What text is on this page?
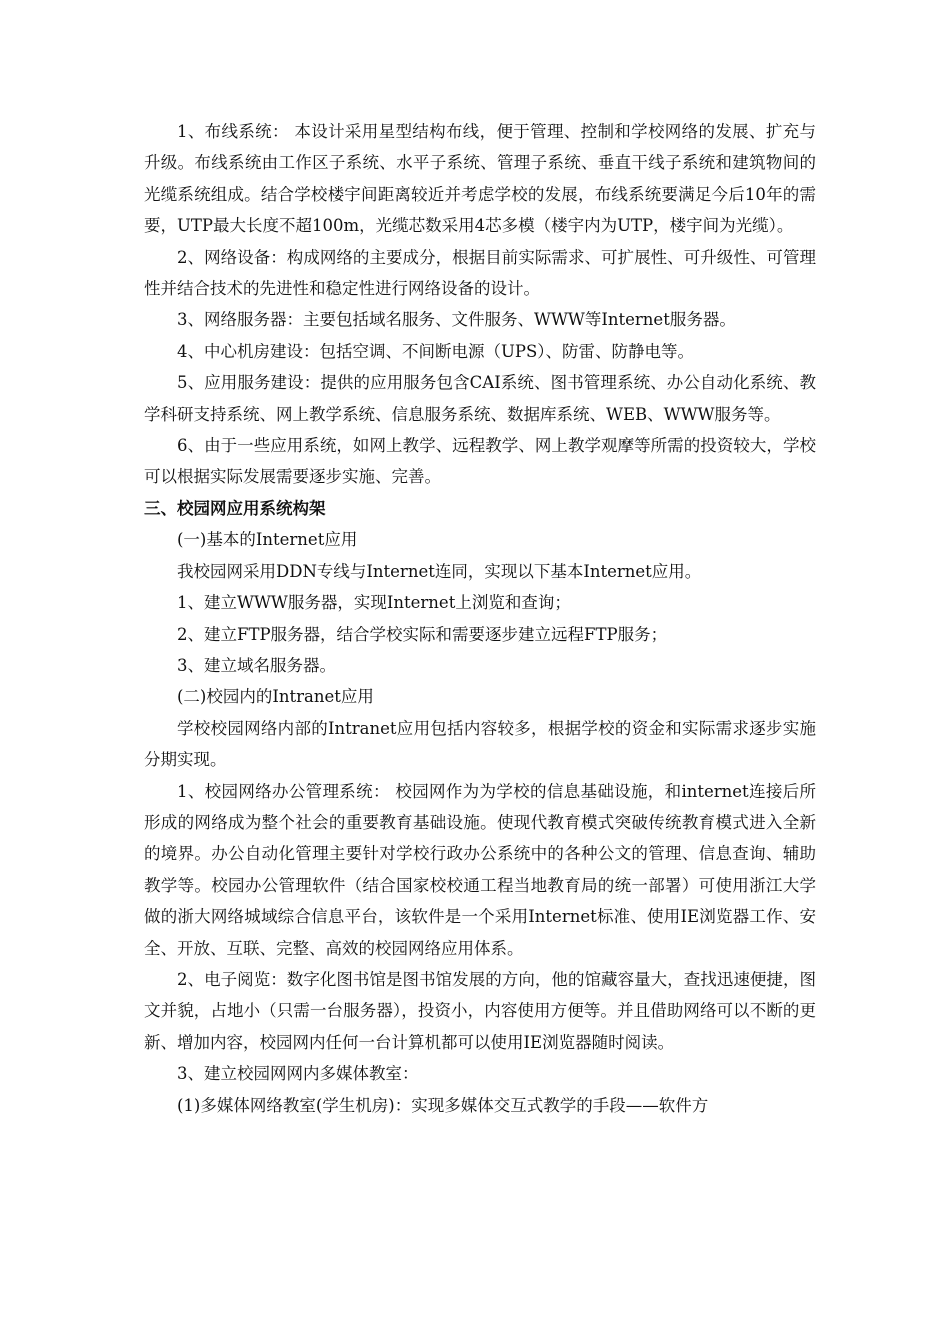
1、布线系统： 本设计采用星型结构布线，便于管理、控制和学校网络的发展、扩充与升级。布线系统由工作区子系统、水平子系统、管理子系统、垂直干线子系统和建筑物间的光缆系统组成。结合学校楼宇间距离较近并考虑学校的发展，布线系统要满足今后10年的需要，UTP最大长度不超100m，光缆芯数采用4芯多模（楼宇内为UTP，楼宇间为光缆）。

2、网络设备：构成网络的主要成分，根据目前实际需求、可扩展性、可升级性、可管理性并结合技术的先进性和稳定性进行网络设备的设计。

3、网络服务器：主要包括域名服务、文件服务、WWW等Internet服务器。

4、中心机房建设：包括空调、不间断电源（UPS）、防雷、防静电等。

5、应用服务建设：提供的应用服务包含CAI系统、图书管理系统、办公自动化系统、教学科研支持系统、网上教学系统、信息服务系统、数据库系统、WEB、WWW服务等。

6、由于一些应用系统，如网上教学、远程教学、网上教学观摩等所需的投资较大，学校可以根据实际发展需要逐步实施、完善。

三、校园网应用系统构架

(一)基本的Internet应用

我校园网采用DDN专线与Internet连同，实现以下基本Internet应用。

1、建立WWW服务器，实现Internet上浏览和查询；

2、建立FTP服务器，结合学校实际和需要逐步建立远程FTP服务；

3、建立域名服务器。

(二)校园内的Intranet应用

学校校园网络内部的Intranet应用包括内容较多，根据学校的资金和实际需求逐步实施分期实现。

1、校园网络办公管理系统： 校园网作为为学校的信息基础设施，和internet连接后所形成的网络成为整个社会的重要教育基础设施。使现代教育模式突破传统教育模式进入全新的境界。办公自动化管理主要针对学校行政办公系统中的各种公文的管理、信息查询、辅助教学等。校园办公管理软件（结合国家校校通工程当地教育局的统一部署）可使用浙江大学做的浙大网络城域综合信息平台，该软件是一个采用Internet标准、使用IE浏览器工作、安全、开放、互联、完整、高效的校园网络应用体系。

2、电子阅览：数字化图书馆是图书馆发展的方向，他的馆藏容量大，查找迅速便捷，图文并貌，占地小（只需一台服务器），投资小，内容使用方便等。并且借助网络可以不断的更新、增加内容，校园网内任何一台计算机都可以使用IE浏览器随时阅读。

3、建立校园网网内多媒体教室：

(1)多媒体网络教室(学生机房)：实现多媒体交互式教学的手段——软件方
